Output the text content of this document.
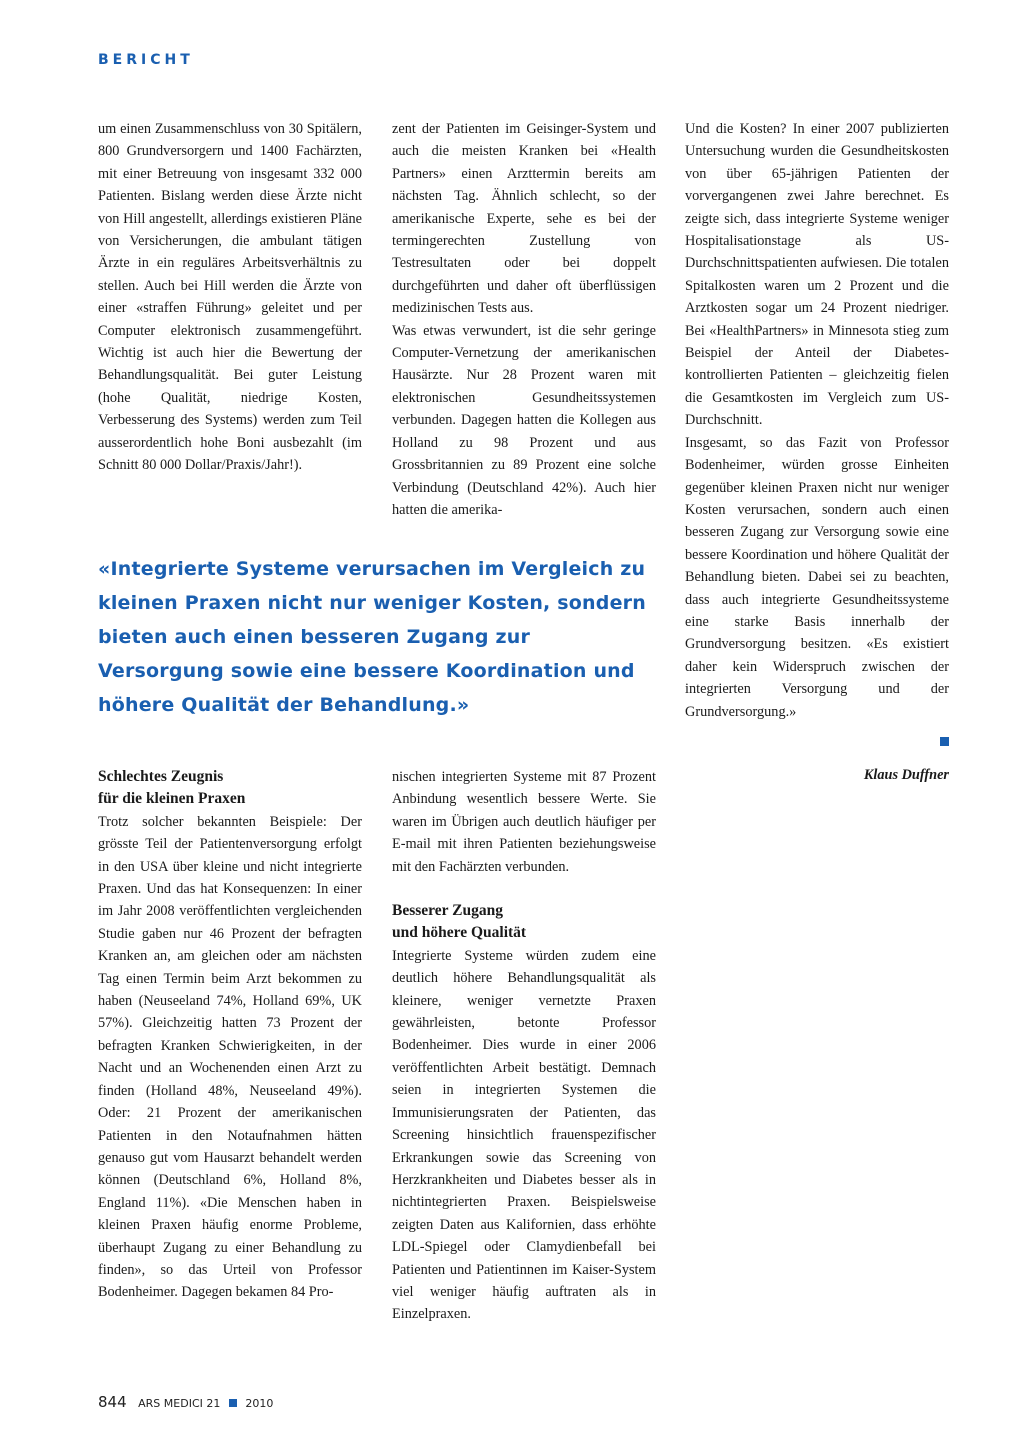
BERICHT

um einen Zusammenschluss von 30 Spitälern, 800 Grundversorgern und 1400 Fachärzten, mit einer Betreuung von insgesamt 332 000 Patienten. Bislang werden diese Ärzte nicht von Hill angestellt, allerdings existieren Pläne von Versicherungen, die ambulant tätigen Ärzte in ein reguläres Arbeitsverhältnis zu stellen. Auch bei Hill werden die Ärzte von einer «straffen Führung» geleitet und per Computer elektronisch zusammengeführt. Wichtig ist auch hier die Bewertung der Behandlungsqualität. Bei guter Leistung (hohe Qualität, niedrige Kosten, Verbesserung des Systems) werden zum Teil ausserordentlich hohe Boni ausbezahlt (im Schnitt 80 000 Dollar/Praxis/Jahr!).

zent der Patienten im Geisinger-System und auch die meisten Kranken bei «Health Partners» einen Arzttermin bereits am nächsten Tag. Ähnlich schlecht, so der amerikanische Experte, sehe es bei der termingerechten Zustellung von Testresultaten oder bei doppelt durchgeführten und daher oft überflüssigen medizinischen Tests aus.

Was etwas verwundert, ist die sehr geringe Computer-Vernetzung der amerikanischen Hausärzte. Nur 28 Prozent waren mit elektronischen Gesundheitssystemen verbunden. Dagegen hatten die Kollegen aus Holland zu 98 Prozent und aus Grossbritannien zu 89 Prozent eine solche Verbindung (Deutschland 42%). Auch hier hatten die amerika-

Und die Kosten? In einer 2007 publizierten Untersuchung wurden die Gesundheitskosten von über 65-jährigen Patienten der vorvergangenen zwei Jahre berechnet. Es zeigte sich, dass integrierte Systeme weniger Hospitalisationstage als US-Durchschnittspatienten aufwiesen. Die totalen Spitalkosten waren um 2 Prozent und die Arztkosten sogar um 24 Prozent niedriger. Bei «HealthPartners» in Minnesota stieg zum Beispiel der Anteil der Diabetes-kontrollierten Patienten – gleichzeitig fielen die Gesamtkosten im Vergleich zum US-Durchschnitt.

Insgesamt, so das Fazit von Professor Bodenheimer, würden grosse Einheiten gegenüber kleinen Praxen nicht nur weniger Kosten verursachen, sondern auch einen besseren Zugang zur Versorgung sowie eine bessere Koordination und höhere Qualität der Behandlung bieten. Dabei sei zu beachten, dass auch integrierte Gesundheitssysteme eine starke Basis innerhalb der Grundversorgung besitzen. «Es existiert daher kein Widerspruch zwischen der integrierten Versorgung und der Grundversorgung.»

Klaus Duffner
«Integrierte Systeme verursachen im Vergleich zu kleinen Praxen nicht nur weniger Kosten, sondern bieten auch einen besseren Zugang zur Versorgung sowie eine bessere Koordination und höhere Qualität der Behandlung.»
Schlechtes Zeugnis
für die kleinen Praxen

Trotz solcher bekannten Beispiele: Der grösste Teil der Patientenversorgung erfolgt in den USA über kleine und nicht integrierte Praxen. Und das hat Konsequenzen: In einer im Jahr 2008 veröffentlichten vergleichenden Studie gaben nur 46 Prozent der befragten Kranken an, am gleichen oder am nächsten Tag einen Termin beim Arzt bekommen zu haben (Neuseeland 74%, Holland 69%, UK 57%). Gleichzeitig hatten 73 Prozent der befragten Kranken Schwierigkeiten, in der Nacht und an Wochenenden einen Arzt zu finden (Holland 48%, Neuseeland 49%). Oder: 21 Prozent der amerikanischen Patienten in den Notaufnahmen hätten genauso gut vom Hausarzt behandelt werden können (Deutschland 6%, Holland 8%, England 11%). «Die Menschen haben in kleinen Praxen häufig enorme Probleme, überhaupt Zugang zu einer Behandlung zu finden», so das Urteil von Professor Bodenheimer. Dagegen bekamen 84 Pro-

nischen integrierten Systeme mit 87 Prozent Anbindung wesentlich bessere Werte. Sie waren im Übrigen auch deutlich häufiger per E-mail mit ihren Patienten beziehungsweise mit den Fachärzten verbunden.

Besserer Zugang
und höhere Qualität

Integrierte Systeme würden zudem eine deutlich höhere Behandlungsqualität als kleinere, weniger vernetzte Praxen gewährleisten, betonte Professor Bodenheimer. Dies wurde in einer 2006 veröffentlichten Arbeit bestätigt. Demnach seien in integrierten Systemen die Immunisierungsraten der Patienten, das Screening hinsichtlich frauenspezifischer Erkrankungen sowie das Screening von Herzkrankheiten und Diabetes besser als in nichtintegrierten Praxen. Beispielsweise zeigten Daten aus Kalifornien, dass erhöhte LDL-Spiegel oder Clamydienbefall bei Patienten und Patientinnen im Kaiser-System viel weniger häufig auftraten als in Einzelpraxen.

844 ARS MEDICI 21 2010
